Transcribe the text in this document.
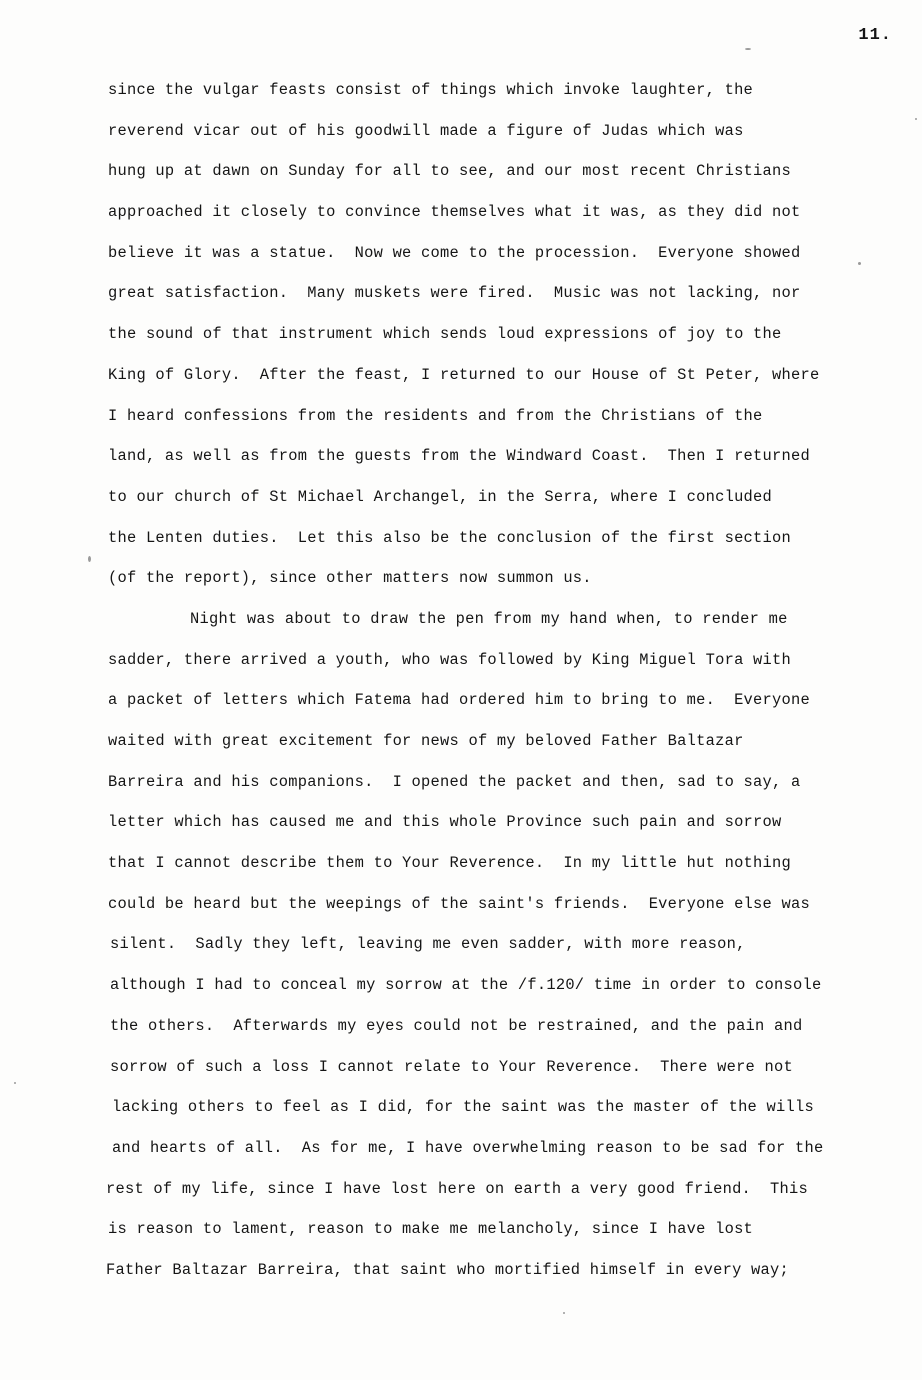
11.
since the vulgar feasts consist of things which invoke laughter, the
reverend vicar out of his goodwill made a figure of Judas which was
hung up at dawn on Sunday for all to see, and our most recent Christians
approached it closely to convince themselves what it was, as they did not
believe it was a statue.  Now we come to the procession.  Everyone showed
great satisfaction.  Many muskets were fired.  Music was not lacking, nor
the sound of that instrument which sends loud expressions of joy to the
King of Glory.  After the feast, I returned to our House of St Peter, where
I heard confessions from the residents and from the Christians of the
land, as well as from the guests from the Windward Coast.  Then I returned
to our church of St Michael Archangel, in the Serra, where I concluded
the Lenten duties.  Let this also be the conclusion of the first section
(of the report), since other matters now summon us.
Night was about to draw the pen from my hand when, to render me
sadder, there arrived a youth, who was followed by King Miguel Tora with
a packet of letters which Fatema had ordered him to bring to me.  Everyone
waited with great excitement for news of my beloved Father Baltazar
Barreira and his companions.  I opened the packet and then, sad to say, a
letter which has caused me and this whole Province such pain and sorrow
that I cannot describe them to Your Reverence.  In my little hut nothing
could be heard but the weepings of the saint's friends.  Everyone else was
silent.  Sadly they left, leaving me even sadder, with more reason,
although I had to conceal my sorrow at the /f.120/ time in order to console
the others.  Afterwards my eyes could not be restrained, and the pain and
sorrow of such a loss I cannot relate to Your Reverence.  There were not
lacking others to feel as I did, for the saint was the master of the wills
and hearts of all.  As for me, I have overwhelming reason to be sad for the
rest of my life, since I have lost here on earth a very good friend.  This
is reason to lament, reason to make me melancholy, since I have lost
Father Baltazar Barreira, that saint who mortified himself in every way;
